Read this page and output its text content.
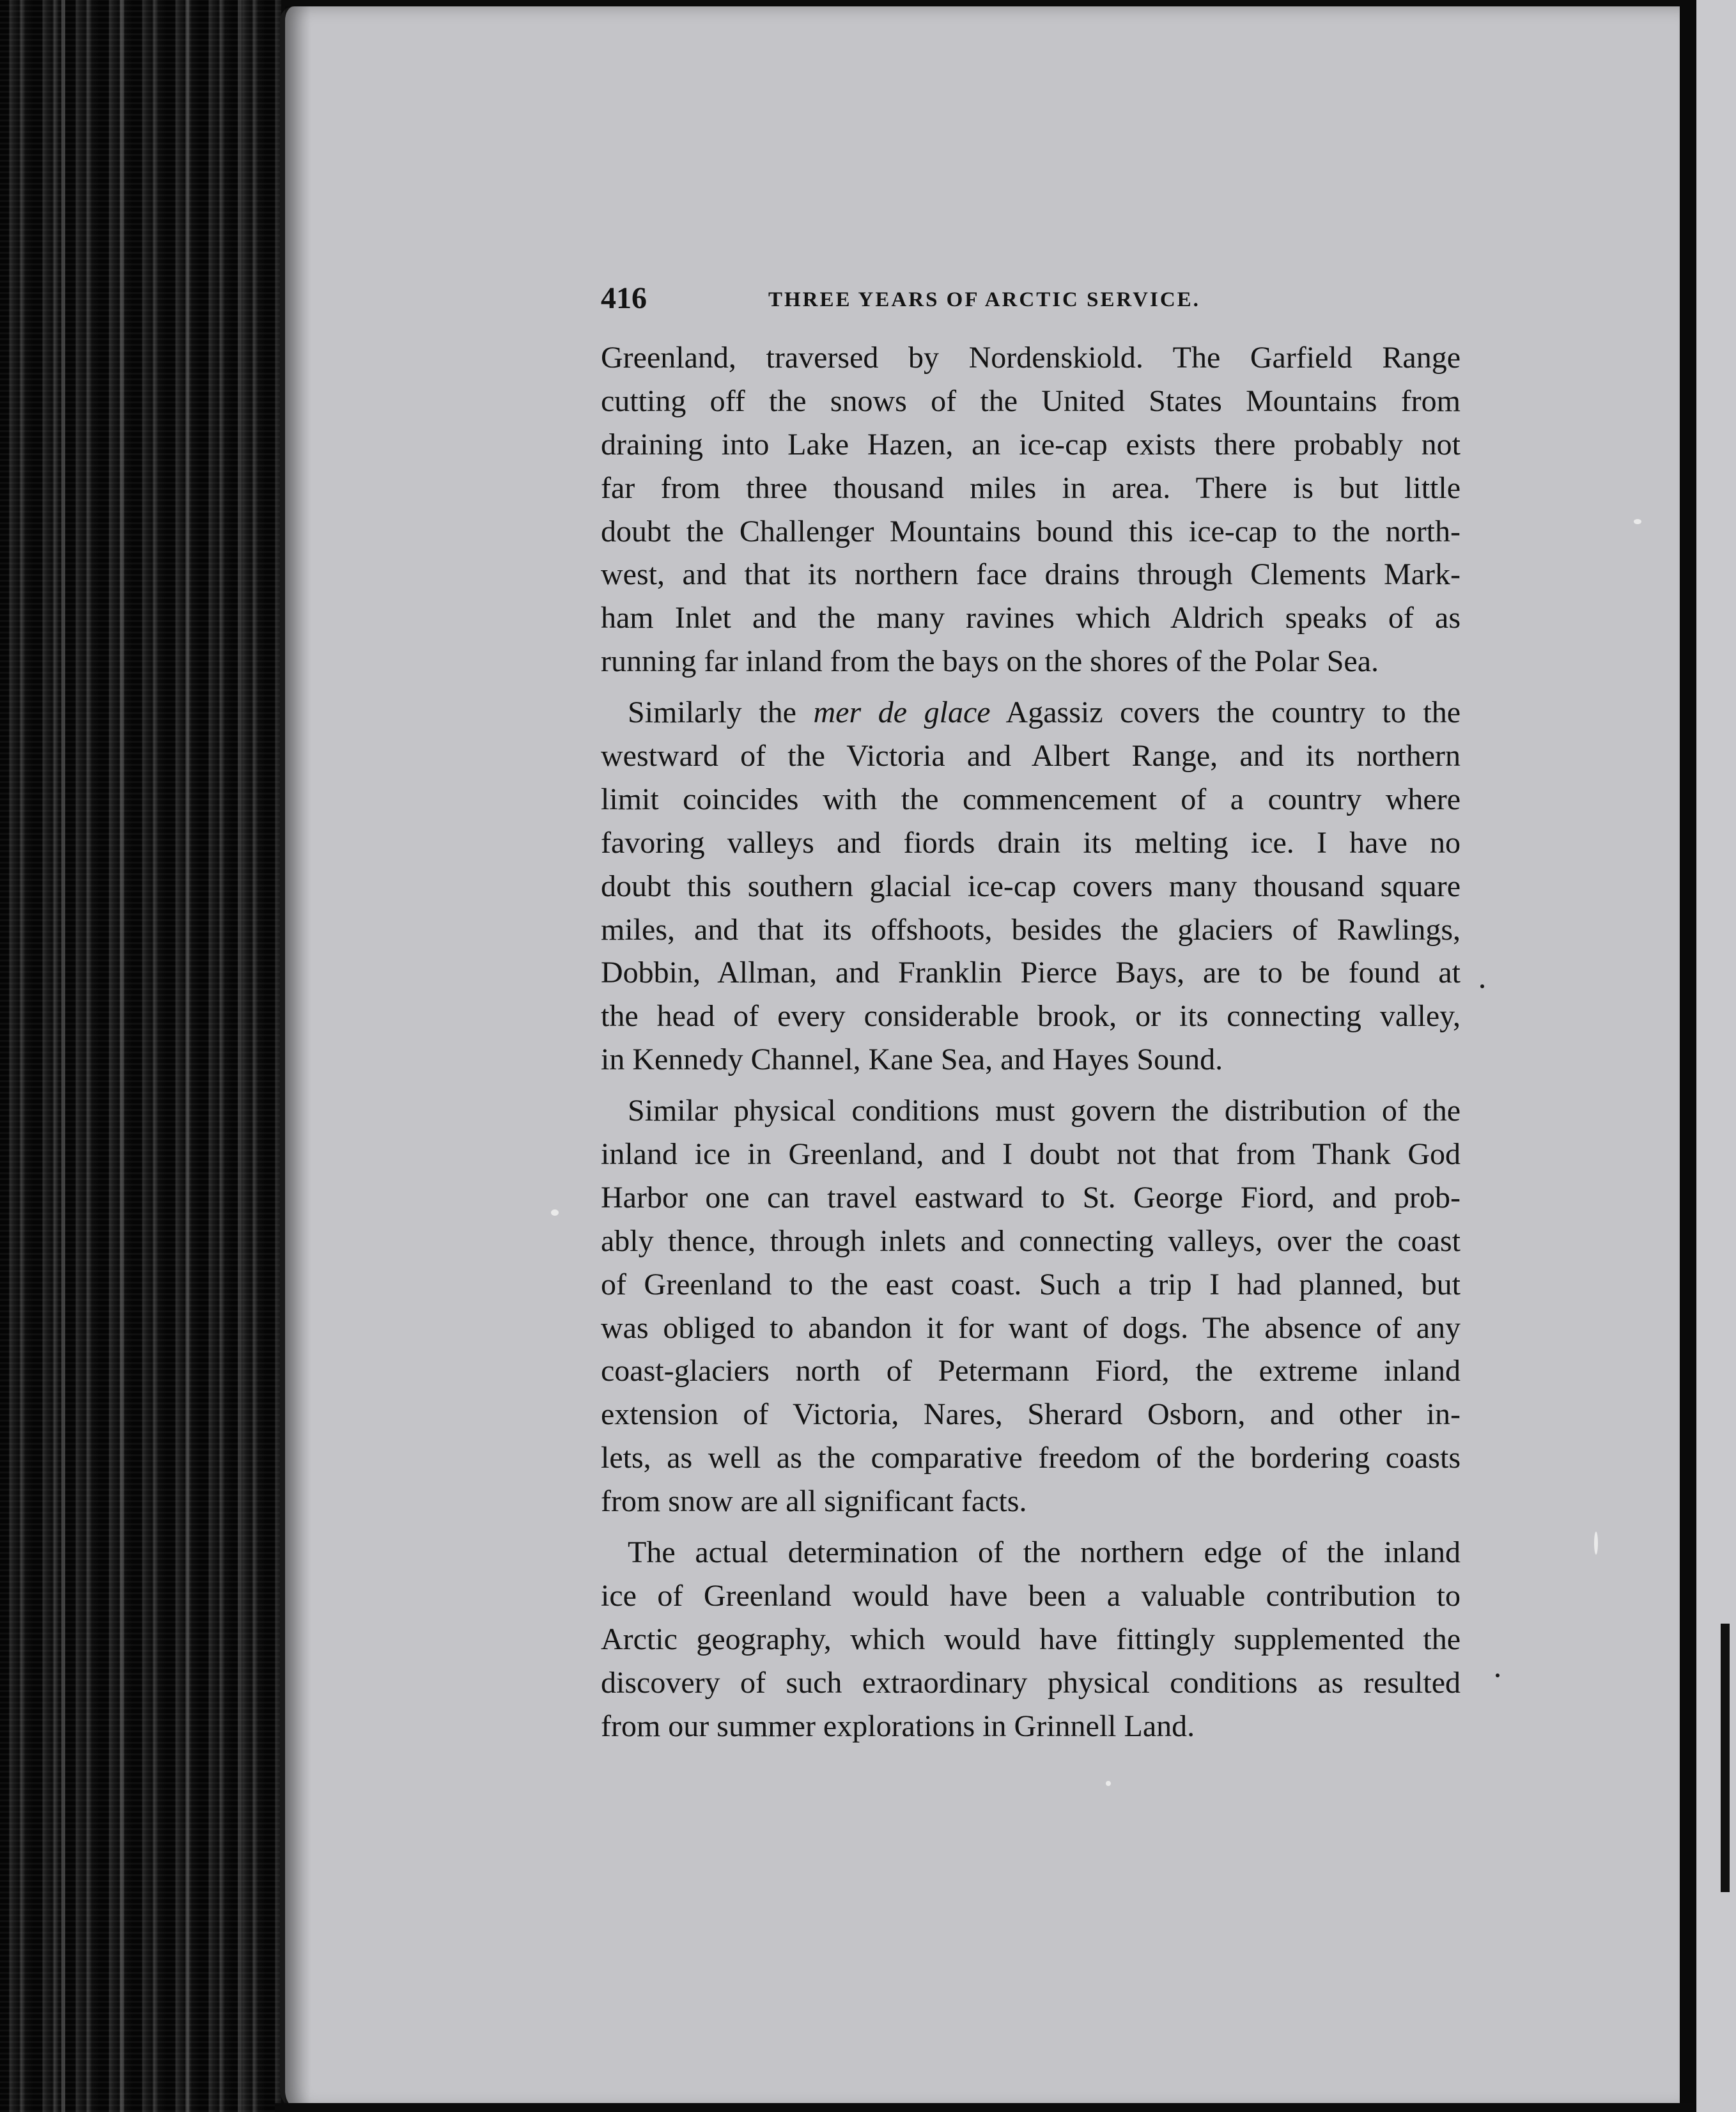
416	THREE YEARS OF ARCTIC SERVICE.
Greenland, traversed by Nordenskiold. The Garfield Range
cutting off the snows of the United States Mountains from
draining into Lake Hazen, an ice-cap exists there probably not
far from three thousand miles in area. There is but little
doubt the Challenger Mountains bound this ice-cap to the north-
west, and that its northern face drains through Clements Mark-
ham Inlet and the many ravines which Aldrich speaks of as
running far inland from the bays on the shores of the Polar Sea.
Similarly the mer de glace Agassiz covers the country to the
westward of the Victoria and Albert Range, and its northern
limit coincides with the commencement of a country where
favoring valleys and fiords drain its melting ice. I have no
doubt this southern glacial ice-cap covers many thousand square
miles, and that its offshoots, besides the glaciers of Rawlings,
Dobbin, Allman, and Franklin Pierce Bays, are to be found at
the head of every considerable brook, or its connecting valley,
in Kennedy Channel, Kane Sea, and Hayes Sound.
Similar physical conditions must govern the distribution of the
inland ice in Greenland, and I doubt not that from Thank God
Harbor one can travel eastward to St. George Fiord, and prob-
ably thence, through inlets and connecting valleys, over the coast
of Greenland to the east coast. Such a trip I had planned, but
was obliged to abandon it for want of dogs. The absence of any
coast-glaciers north of Petermann Fiord, the extreme inland
extension of Victoria, Nares, Sherard Osborn, and other in-
lets, as well as the comparative freedom of the bordering coasts
from snow are all significant facts.
The actual determination of the northern edge of the inland
ice of Greenland would have been a valuable contribution to
Arctic geography, which would have fittingly supplemented the
discovery of such extraordinary physical conditions as resulted
from our summer explorations in Grinnell Land.
